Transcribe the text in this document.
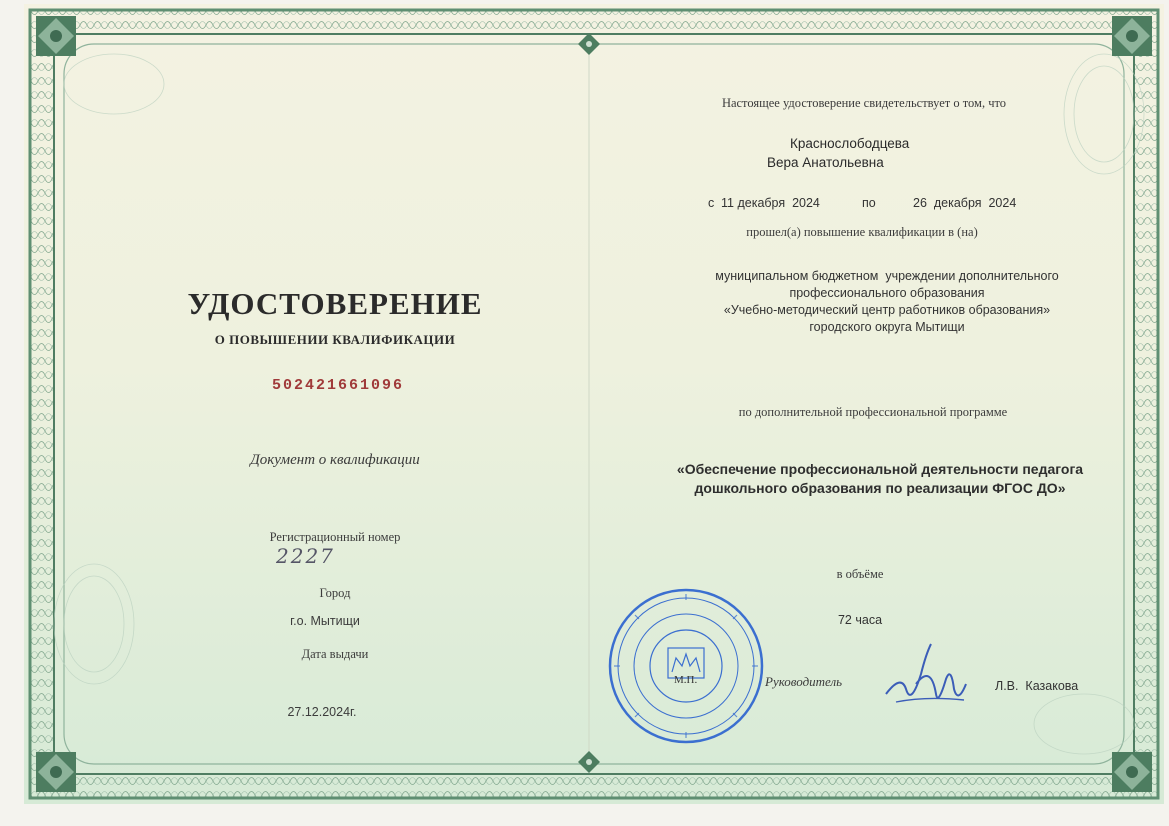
УДОСТОВЕРЕНИЕ
О ПОВЫШЕНИИ КВАЛИФИКАЦИИ
502421661096
Документ о квалификации
Регистрационный номер
2227
Город
г.о. Мытищи
Дата выдачи
27.12.2024г.
Настоящее удостоверение свидетельствует о том, что
Краснослободцева
Вера Анатольевна
с 11 декабря  2024	по	26  декабря  2024
прошел(а) повышение квалификации в (на)
муниципальном бюджетном  учреждении дополнительного
профессионального образования
«Учебно-методический центр работников образования»
городского округа Мытищи
по дополнительной профессиональной программе
«Обеспечение профессиональной деятельности педагога
дошкольного образования по реализации ФГОС ДО»
в объёме
72 часа
Руководитель	Л.В.  Казакова
М.П.
